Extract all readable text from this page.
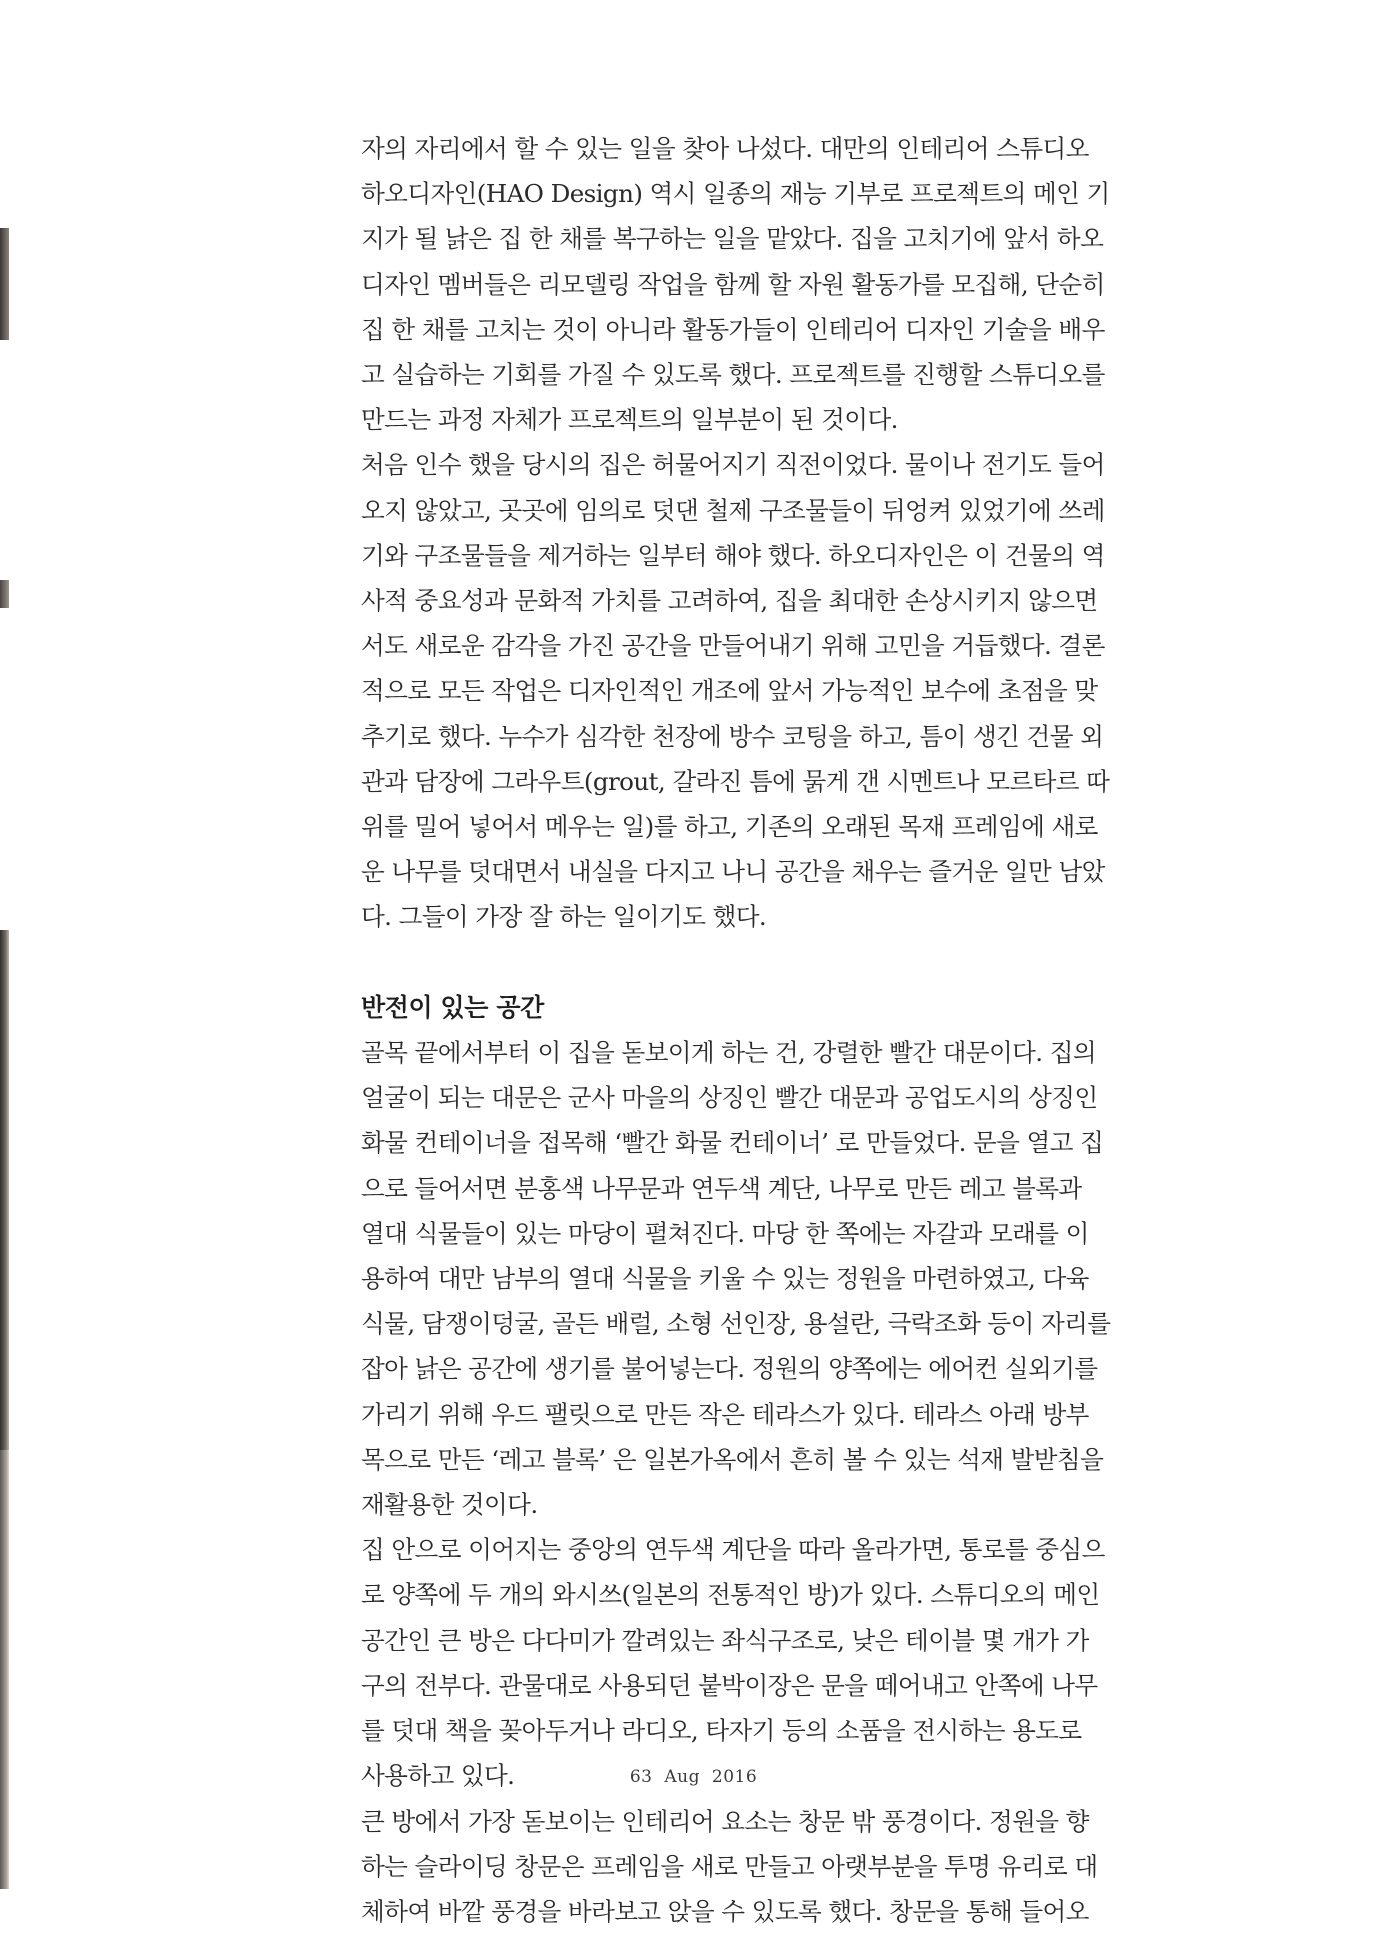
자의 자리에서 할 수 있는 일을 찾아 나섰다. 대만의 인테리어 스튜디오
하오디자인(HAO Design) 역시 일종의 재능 기부로 프로젝트의 메인 기
지가 될 낡은 집 한 채를 복구하는 일을 맡았다. 집을 고치기에 앞서 하오
디자인 멤버들은 리모델링 작업을 함께 할 자원 활동가를 모집해, 단순히
집 한 채를 고치는 것이 아니라 활동가들이 인테리어 디자인 기술을 배우
고 실습하는 기회를 가질 수 있도록 했다. 프로젝트를 진행할 스튜디오를
만드는 과정 자체가 프로젝트의 일부분이 된 것이다.

처음 인수 했을 당시의 집은 허물어지기 직전이었다. 물이나 전기도 들어
오지 않았고, 곳곳에 임의로 덧댄 철제 구조물들이 뒤엉켜 있었기에 쓰레
기와 구조물들을 제거하는 일부터 해야 했다. 하오디자인은 이 건물의 역
사적 중요성과 문화적 가치를 고려하여, 집을 최대한 손상시키지 않으면
서도 새로운 감각을 가진 공간을 만들어내기 위해 고민을 거듭했다. 결론
적으로 모든 작업은 디자인적인 개조에 앞서 가능적인 보수에 초점을 맞
추기로 했다. 누수가 심각한 천장에 방수 코팅을 하고, 틈이 생긴 건물 외
관과 담장에 그라우트(grout, 갈라진 틈에 묽게 갠 시멘트나 모르타르 따
위를 밀어 넣어서 메우는 일)를 하고, 기존의 오래된 목재 프레임에 새로
운 나무를 덧대면서 내실을 다지고 나니 공간을 채우는 즐거운 일만 남았
다. 그들이 가장 잘 하는 일이기도 했다.

반전이 있는 공간

골목 끝에서부터 이 집을 돋보이게 하는 건, 강렬한 빨간 대문이다. 집의
얼굴이 되는 대문은 군사 마을의 상징인 빨간 대문과 공업도시의 상징인
화물 컨테이너을 접목해 ‘빨간 화물 컨테이너’ 로 만들었다. 문을 열고 집
으로 들어서면 분홍색 나무문과 연두색 계단, 나무로 만든 레고 블록과
열대 식물들이 있는 마당이 펼쳐진다. 마당 한 쪽에는 자갈과 모래를 이
용하여 대만 남부의 열대 식물을 키울 수 있는 정원을 마련하였고, 다육
식물, 담쟁이덩굴, 골든 배럴, 소형 선인장, 용설란, 극락조화 등이 자리를
잡아 낡은 공간에 생기를 불어넣는다. 정원의 양쪽에는 에어컨 실외기를
가리기 위해 우드 팰릿으로 만든 작은 테라스가 있다. 테라스 아래 방부
목으로 만든 ‘레고 블록’ 은 일본가옥에서 흔히 볼 수 있는 석재 발받침을
재활용한 것이다.

집 안으로 이어지는 중앙의 연두색 계단을 따라 올라가면, 통로를 중심으
로 양쪽에 두 개의 와시쓰(일본의 전통적인 방)가 있다. 스튜디오의 메인
공간인 큰 방은 다다미가 깔려있는 좌식구조로, 낮은 테이블 몇 개가 가
구의 전부다. 관물대로 사용되던 붙박이장은 문을 떼어내고 안쪽에 나무
를 덧대 책을 꽂아두거나 라디오, 타자기 등의 소품을 전시하는 용도로
사용하고 있다.

큰 방에서 가장 돋보이는 인테리어 요소는 창문 밖 풍경이다. 정원을 향
하는 슬라이딩 창문은 프레임을 새로 만들고 아랫부분을 투명 유리로 대
체하여 바깥 풍경을 바라보고 앉을 수 있도록 했다. 창문을 통해 들어오

63 Aug 2016
